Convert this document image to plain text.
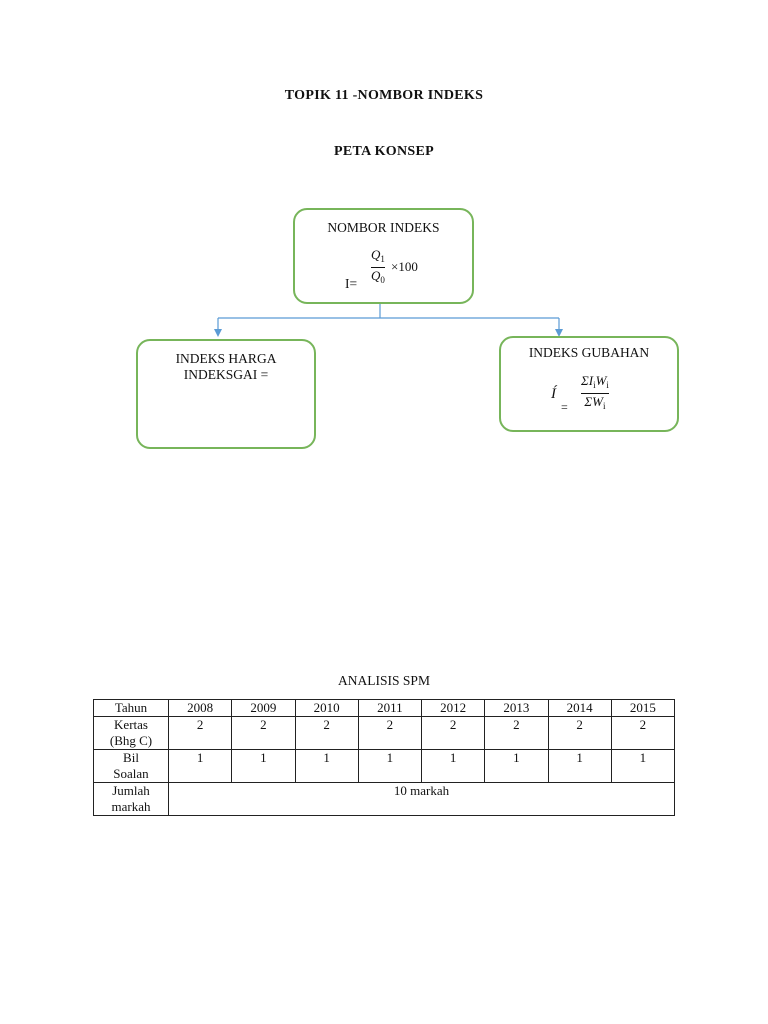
TOPIK 11 -NOMBOR INDEKS
PETA KONSEP
NOMBOR INDEKS
I=
$Q_1$
$Q_0$
×100
INDEKS HARGA
INDEKSGAI =
INDEKS GUBAHAN
Í
=
$\Sigma I_iW_i$
$\Sigma W_i$
ANALISIS SPM
Tahun	2008	2009	2010	2011	2012	2013	2014	2015
Kertas
(Bhg C)	2	2	2	2	2	2	2	2
Bil
Soalan	1	1	1	1	1	1	1	1
Jumlah
markah	10 markah							
